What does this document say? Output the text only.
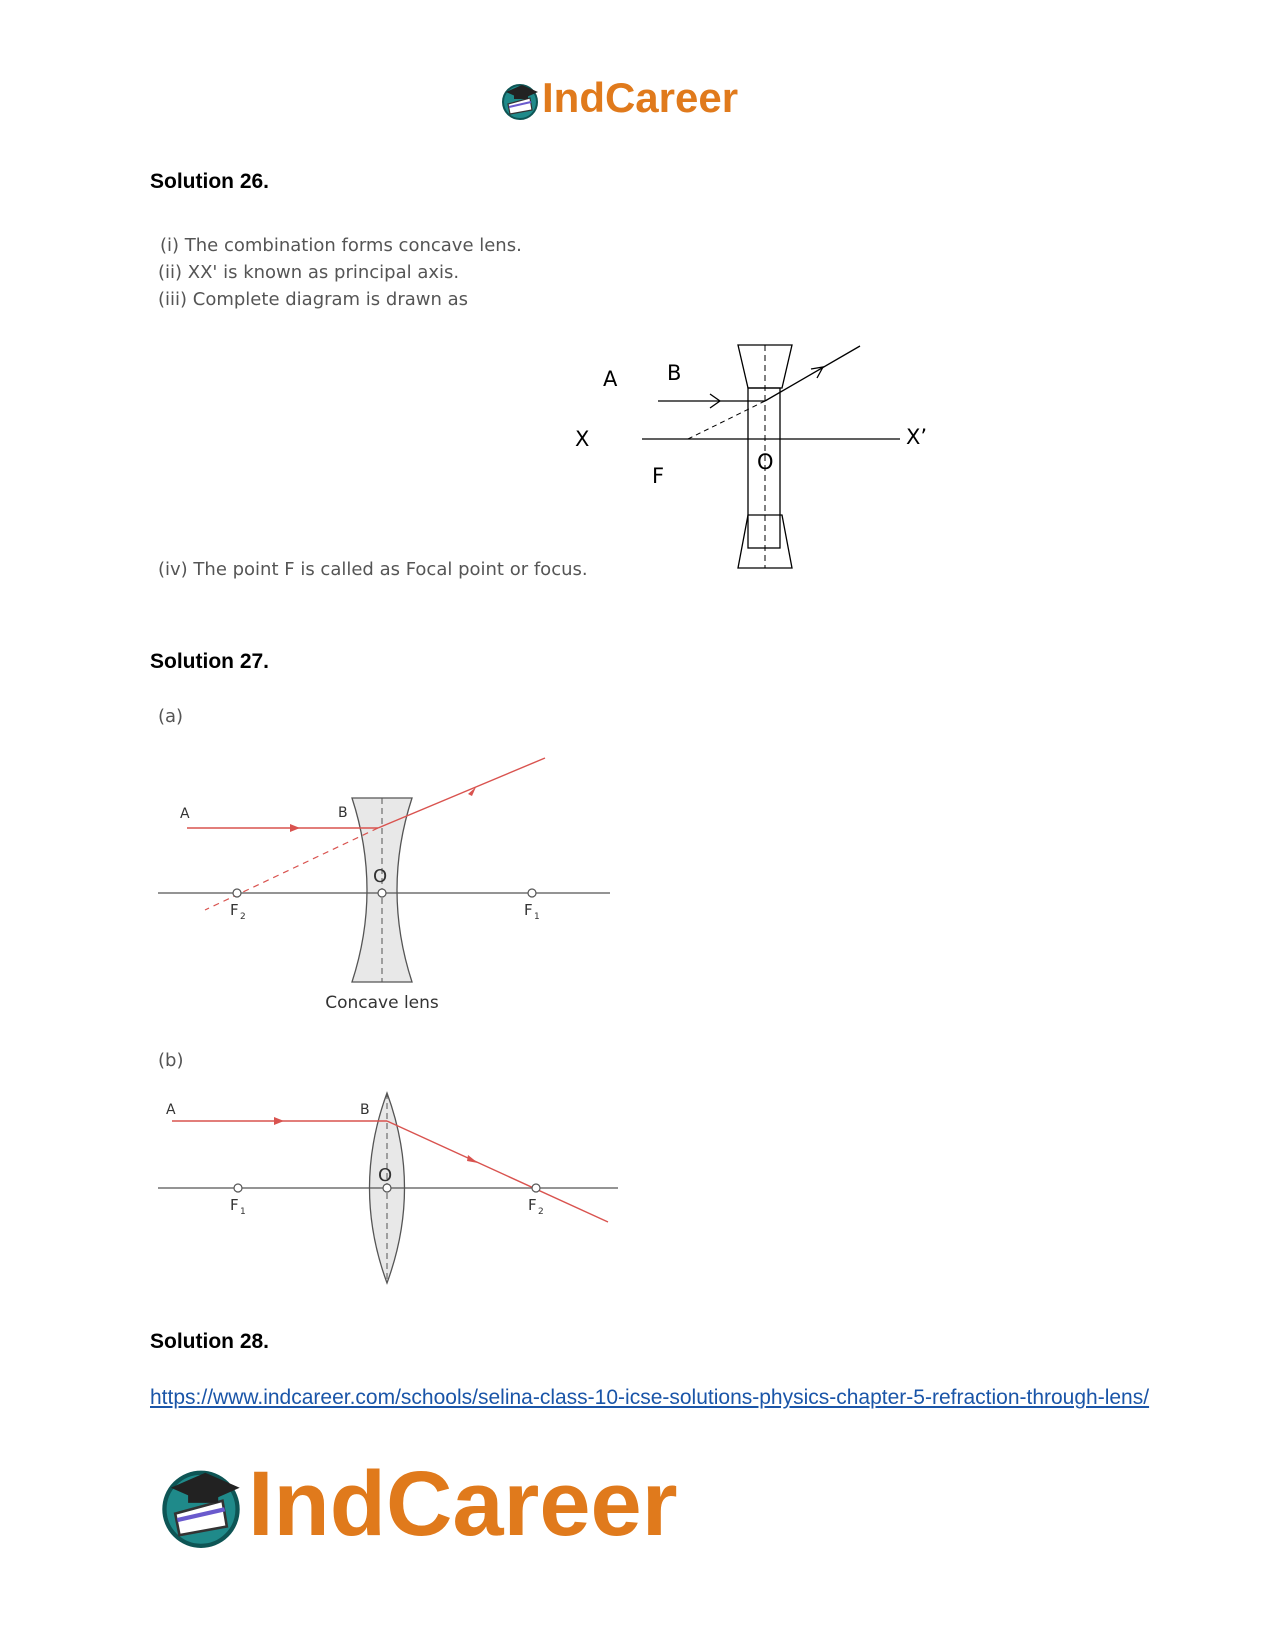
IndCareer
Solution 26.
(i) The combination forms concave lens.
(ii) XX' is known as principal axis.
(iii) Complete diagram is drawn as
A B
X	X’
F
O
(iv) The point F is called as Focal point or focus.
Solution 27.
(a)
A	B
O
F 2	F 1
Concave lens
(b)
A	B
O
F 1	F 2
Solution 28.
https://www.indcareer.com/schools/selina-class-10-icse-solutions-physics-chapter-5-refraction-through-lens/
IndCareer
